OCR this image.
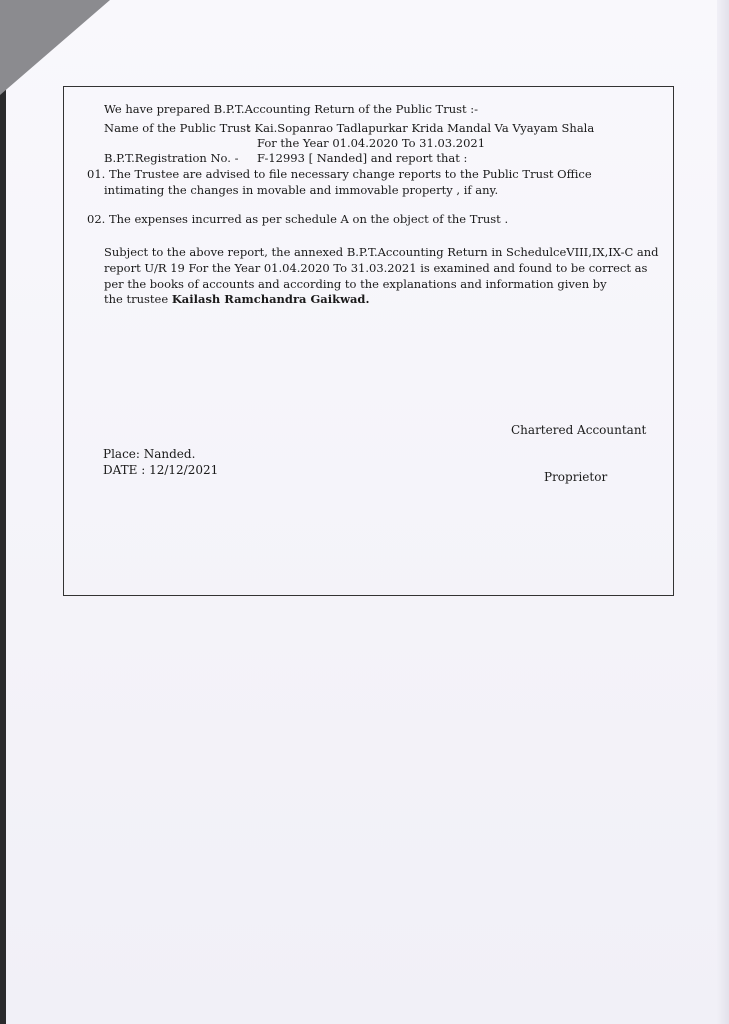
We have prepared B.P.T.Accounting Return of the Public Trust :-
Name of the Public Trust
: Kai.Sopanrao Tadlapurkar Krida Mandal Va Vyayam Shala
For the Year 01.04.2020 To 31.03.2021
B.P.T.Registration No. - F-12993 [ Nanded] and report that :
01. The Trustee are advised to file necessary change reports to the Public Trust Office
intimating the changes in movable and immovable property , if any.
02. The expenses incurred as per schedule A on the object of the Trust .
Subject to the above report, the annexed B.P.T.Accounting Return in SchedulceVIII,IX,IX-C and
report U/R 19 For the Year 01.04.2020 To 31.03.2021 is examined and found to be correct as
per the books of accounts and according to the explanations and information given by
the trustee Kailash Ramchandra Gaikwad.
Chartered Accountant
Place: Nanded.
DATE : 12/12/2021	Proprietor
